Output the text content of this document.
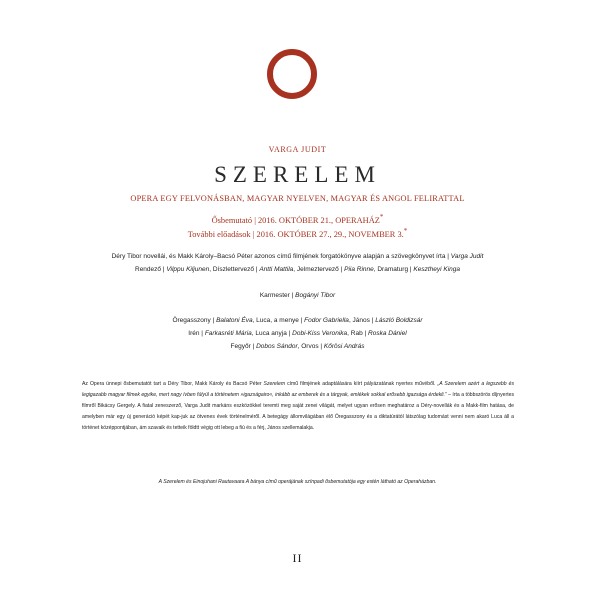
VARGA JUDIT
SZERELEM
OPERA EGY FELVONÁSBAN, MAGYAR NYELVEN, MAGYAR ÉS ANGOL FELIRATTAL
Ősbemutató | 2016. OKTÓBER 21., OPERAHÁZ*
További előadások | 2016. OKTÓBER 27., 29., NOVEMBER 3.*
Déry Tibor novellái, és Makk Károly–Bacsó Péter azonos című filmjének forgatókönyve alapján a szövegkönyvet írta | Varga Judit
Rendező | Vilppu Kiljunen, Díszlettervező | Antti Mattila, Jelmeztervező | Piia Rinne, Dramaturg | Kesztheyi Kinga
Karmester | Bogányi Tibor
Öregasszony | Balatoni Éva, Luca, a menye | Fodor Gabriella, János | László Boldizsár
Irén | Farkasréti Mária, Luca anyja | Dobi-Kiss Veronika, Rab | Roska Dániel
Fegyőr | Dobos Sándor, Orvos | Kőrösi András
Az Opera ünnepi ősbemutatót tart a Déry Tibor, Makk Károly és Bacsó Péter Szerelem című filmjének adaptálására kiírt pályázatának nyertes művéből. „A Szerelem azért a legszebb és legigazabb magyar filmek egyike, mert nagy ívben fúlyül a történetem »igazságairo«, inkább az emberek és a tárgyak, emlékek sokkal erősebb igazsága érdekli.” – írta a többszörös díjnyertes filmről Bikácsy Gergely. A fiatal zeneszerző, Varga Judit markáns eszközökkel teremti meg saját zenei világát, melyet ugyan erősen meghatároz a Déry-novellák és a Makk-film hatása, de amelyben már egy új generáció képét kap-juk az ötvenes évek történelméről. A betegágy állomvilágában élő Öregasszony és a diktatúrától látszólag tudomást venni nem akaró Luca áll a történet középpontjában, ám szavaik és tetteik földtt végig ott lebeg a fiú és a férj, János szellemalakja.
A Szerelem és Einojuhani Rautavaara A bánya című operájának színpadi ősbemutatója egy estén látható az Operaházban.
II
